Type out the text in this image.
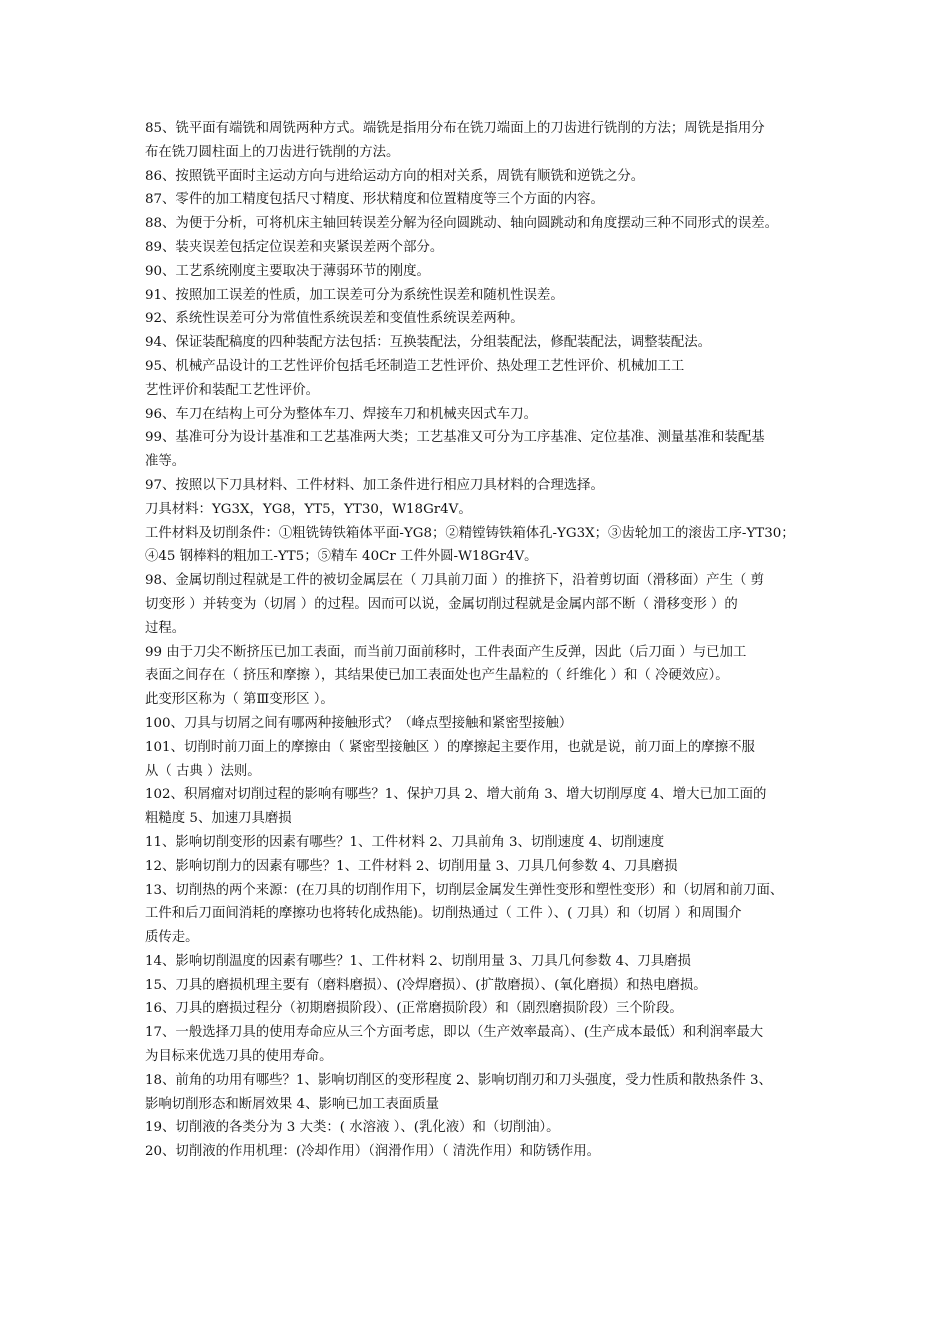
85、铣平面有端铣和周铣两种方式。端铣是指用分布在铣刀端面上的刀齿进行铣削的方法；周铣是指用分
布在铣刀圆柱面上的刀齿进行铣削的方法。
86、按照铣平面时主运动方向与进给运动方向的相对关系，周铣有顺铣和逆铣之分。
87、零件的加工精度包括尺寸精度、形状精度和位置精度等三个方面的内容。
88、为便于分析，可将机床主轴回转误差分解为径向圆跳动、轴向圆跳动和角度摆动三种不同形式的误差。
89、装夹误差包括定位误差和夹紧误差两个部分。
90、工艺系统刚度主要取决于薄弱环节的刚度。
91、按照加工误差的性质，加工误差可分为系统性误差和随机性误差。
92、系统性误差可分为常值性系统误差和变值性系统误差两种。
94、保证装配稿度的四种装配方法包括：互换装配法，分组装配法，修配装配法，调整装配法。
95、机械产品设计的工艺性评价包括毛坯制造工艺性评价、热处理工艺性评价、机械加工工
艺性评价和装配工艺性评价。
96、车刀在结构上可分为整体车刀、焊接车刀和机械夹因式车刀。
99、基准可分为设计基准和工艺基准两大类；工艺基准又可分为工序基准、定位基准、测量基准和装配基
准等。
97、按照以下刀具材料、工件材料、加工条件进行相应刀具材料的合理选择。
刀具材料：YG3X，YG8，YT5，YT30，W18Gr4V。
工件材料及切削条件：①粗铣铸铁箱体平面-YG8；②精镗铸铁箱体孔-YG3X；③齿轮加工的滚齿工序-YT30；
④45 钢棒料的粗加工-YT5；⑤精车 40Cr 工件外圆-W18Gr4V。
98、金属切削过程就是工件的被切金属层在（ 刀具前刀面 ）的推挤下，沿着剪切面（滑移面）产生（ 剪
切变形 ）并转变为（切屑 ）的过程。因而可以说，金属切削过程就是金属内部不断（ 滑移变形 ）的
过程。
99 由于刀尖不断挤压已加工表面，而当前刀面前移时，工件表面产生反弹，因此（后刀面 ）与已加工
表面之间存在（ 挤压和摩擦 ），其结果使已加工表面处也产生晶粒的（ 纤维化 ）和（ 冷硬效应）。
此变形区称为（ 第Ⅲ变形区 ）。
100、刀具与切屑之间有哪两种接触形式？（峰点型接触和紧密型接触）
101、切削时前刀面上的摩擦由（ 紧密型接触区 ）的摩擦起主要作用，也就是说，前刀面上的摩擦不服
从（ 古典 ）法则。
102、积屑瘤对切削过程的影响有哪些？1、保护刀具 2、增大前角 3、增大切削厚度 4、增大已加工面的
粗糙度 5、加速刀具磨损
11、影响切削变形的因素有哪些？1、工件材料 2、刀具前角 3、切削速度 4、切削速度
12、影响切削力的因素有哪些？1、工件材料 2、切削用量 3、刀具几何参数 4、刀具磨损
13、切削热的两个来源：(在刀具的切削作用下，切削层金属发生弹性变形和塑性变形）和（切屑和前刀面、
工件和后刀面间消耗的摩擦功也将转化成热能)。切削热通过（ 工件 ）、( 刀具）和（切屑 ）和周围介
质传走。
14、影响切削温度的因素有哪些？1、工件材料 2、切削用量 3、刀具几何参数 4、刀具磨损
15、刀具的磨损机理主要有（磨料磨损）、(冷焊磨损）、(扩散磨损）、(氧化磨损）和热电磨损。
16、刀具的磨损过程分（初期磨损阶段）、(正常磨损阶段）和（剧烈磨损阶段）三个阶段。
17、一般选择刀具的使用寿命应从三个方面考虑，即以（生产效率最高）、(生产成本最低）和利润率最大
为目标来优选刀具的使用寿命。
18、前角的功用有哪些？1、影响切削区的变形程度 2、影响切削刃和刀头强度，受力性质和散热条件 3、
影响切削形态和断屑效果 4、影响已加工表面质量
19、切削液的各类分为 3 大类：( 水溶液 ）、(乳化液）和（切削油）。
20、切削液的作用机理：(冷却作用）（润滑作用）（ 清洗作用）和防锈作用。
